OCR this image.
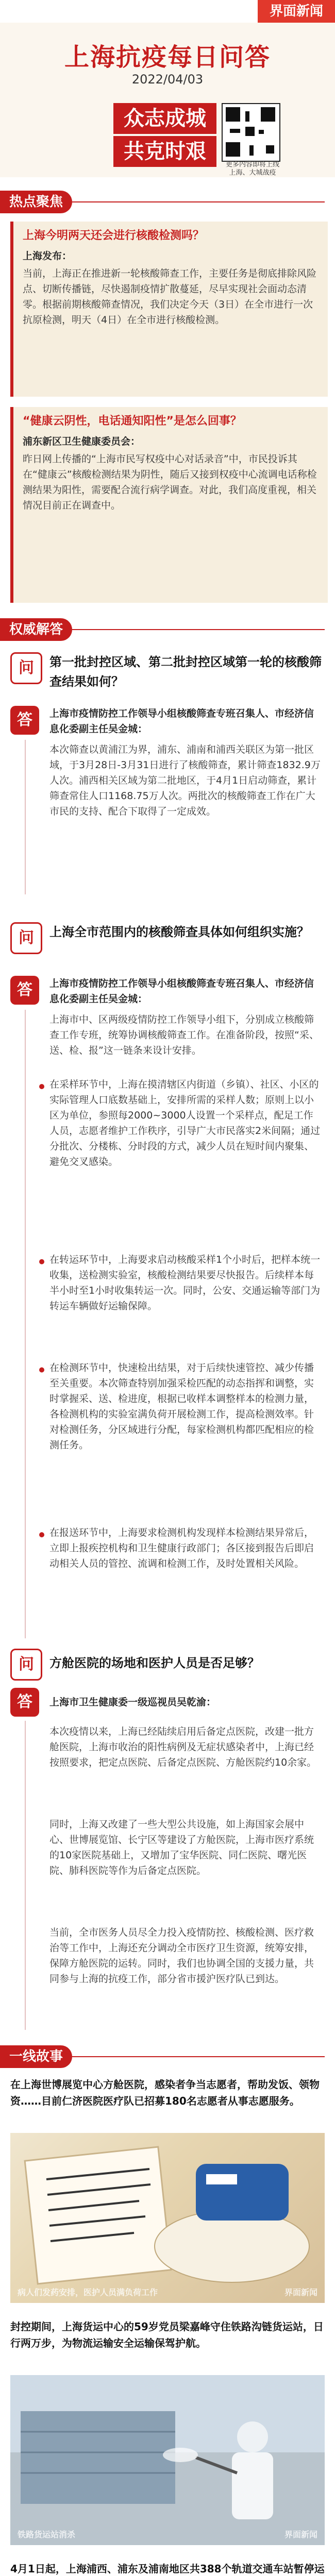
界面新闻
上海抗疫每日问答
2022/04/03
众志成城
共克时艰
更多内容即将上线
上海、大城战疫
热点聚焦
上海今明两天还会进行核酸检测吗？
上海发布：
当前，上海正在推进新一轮核酸筛查工作，主要任务是彻底排除风险点、切断传播链，尽快遏制疫情扩散蔓延，尽早实现社会面动态清零。根据前期核酸筛查情况，我们决定今天（3日）在全市进行一次抗原检测，明天（4日）在全市进行核酸检测。
“健康云阴性，电话通知阳性”是怎么回事？
浦东新区卫生健康委员会：
昨日网上传播的“上海市民写权疫中心对话录音”中，市民投诉其在“健康云”核酸检测结果为阴性，随后又接到权疫中心流调电话称检测结果为阳性，需要配合流行病学调查。对此，我们高度重视，相关情况目前正在调查中。
权威解答
问	第一批封控区域、第二批封控区域第一轮的核酸筛查结果如何？
答	上海市疫情防控工作领导小组核酸筛查专班召集人、市经济信息化委副主任吴金城：
本次筛查以黄浦江为界，浦东、浦南和浦西关联区为第一批区域，于3月28日-3月31日进行了核酸筛查，累计筛查1832.9万人次。浦西相关区域为第二批地区，于4月1日启动筛查，累计筛查常住人口1168.75万人次。两批次的核酸筛查工作在广大市民的支持、配合下取得了一定成效。
问	上海全市范围内的核酸筛查具体如何组织实施？
答	上海市疫情防控工作领导小组核酸筛查专班召集人、市经济信息化委副主任吴金城：
上海市中、区两级疫情防控工作领导小组下，分别成立核酸筛查工作专班，统筹协调核酸筛查工作。在准备阶段，按照“采、送、检、报”这一链条来设计安排。
在采样环节中，上海在摸清辖区内街道（乡镇）、社区、小区的实际管理人口底数基础上，安排所需的采样人数；原则上以小区为单位，参照每2000~3000人设置一个采样点，配足工作人员，志愿者维护工作秩序，引导广大市民落实2米间隔；通过分批次、分楼栋、分时段的方式，减少人员在短时间内聚集、避免交叉感染。
在转运环节中，上海要求启动核酸采样1个小时后，把样本统一收集，送检测实验室，核酸检测结果要尽快报告。后续样本每半小时至1小时收集转运一次。同时，公安、交通运输等部门为转运车辆做好运输保障。
在检测环节中，快速检出结果，对于后续快速管控、减少传播至关重要。本次筛查特别加强采检匹配的动态指挥和调整，实时掌握采、送、检进度，根据已收样本调整样本的检测力量，各检测机构的实验室满负荷开展检测工作，提高检测效率。针对检测任务，分区域进行分配，每家检测机构都匹配相应的检测任务。
在报送环节中，上海要求检测机构发现样本检测结果异常后，立即上报疾控机构和卫生健康行政部门；各区接到报告后即启动相关人员的管控、流调和检测工作，及时处置相关风险。
问	方舱医院的场地和医护人员是否足够？
答	上海市卫生健康委一级巡视员吴乾渝：
本次疫情以来，上海已经陆续启用后备定点医院，改建一批方舱医院，上海市收治的阳性病例及无症状感染者中，上海已经按照要求，把定点医院、后备定点医院、方舱医院约10余家。
同时，上海又改建了一些大型公共设施，如上海国家会展中心、世博展览馆、长宁区等建设了方舱医院，上海市医疗系统的10家医院基础上，又增加了宝华医院、同仁医院、曙光医院、肺科医院等作为后备定点医院。
当前，全市医务人员尽全力投入疫情防控、核酸检测、医疗救治等工作中，上海还充分调动全市医疗卫生资源，统筹安排，保障方舱医院的运转。同时，我们也协调全国的支援力量，共同参与上海的抗疫工作，部分省市援沪医疗队已到达。
一线故事
在上海世博展览中心方舱医院，感染者争当志愿者，帮助发饭、领物资……目前仁济医院医疗队已招募180名志愿者从事志愿服务。
界面新闻
病人们发药安排，医护人员满负荷工作
封控期间，上海货运中心的59岁党员梁嘉峰守住铁路沟链货运站，日行两万步，为物流运输安全运输保驾护航。
界面新闻
铁路货运站消杀
4月1日起，上海浦西、浦东及浦南地区共388个轨道交通车站暂停运
